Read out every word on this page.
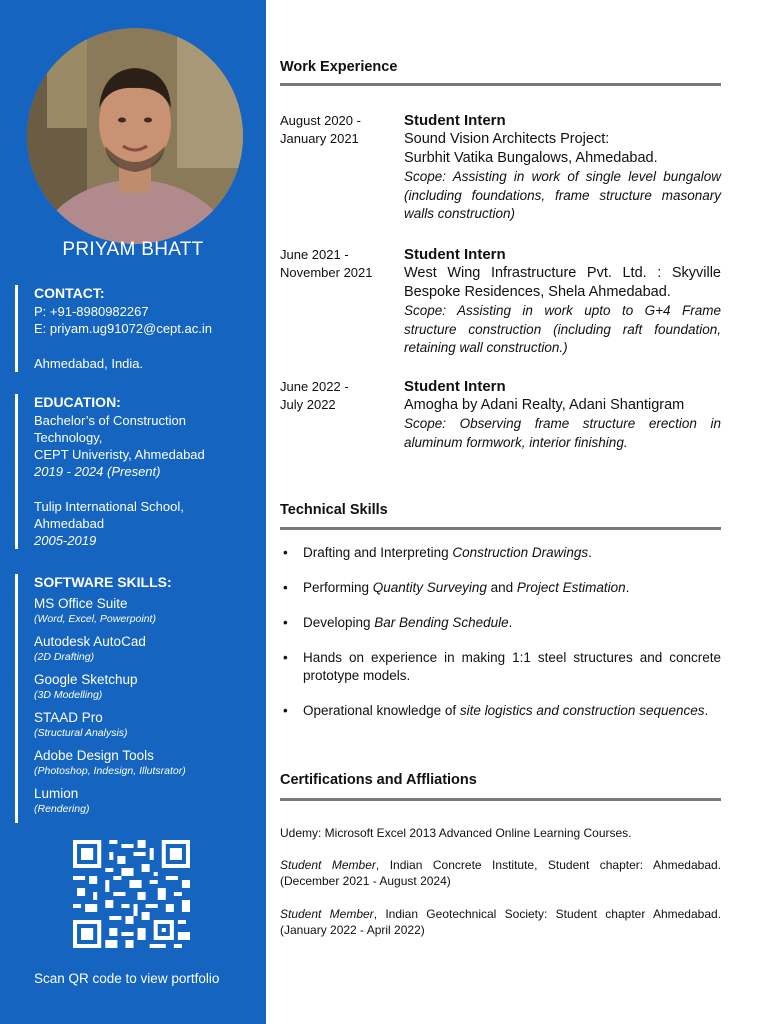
PRIYAM BHATT
CONTACT:
P: +91-8980982267
E: priyam.ug91072@cept.ac.in
Ahmedabad, India.
EDUCATION:
Bachelor’s of Construction
Technology,
CEPT Univeristy, Ahmedabad
2019 - 2024 (Present)
Tulip International School,
Ahmedabad
2005-2019
SOFTWARE SKILLS:
MS Office Suite
(Word, Excel, Powerpoint)
Autodesk AutoCad
(2D Drafting)
Google Sketchup
(3D Modelling)
STAAD Pro
(Structural Analysis)
Adobe Design Tools
(Photoshop, Indesign, Illutsrator)
Lumion
(Rendering)
Scan QR code to view portfolio
Work Experience
August 2020 -
January 2021
Student Intern
Sound Vision Architects Project:
Surbhit Vatika Bungalows, Ahmedabad.
Scope: Assisting in work of single level bungalow (including foundations, frame structure masonary walls construction)
June 2021 -
November 2021
Student Intern
West Wing Infrastructure Pvt. Ltd. : Skyville Bespoke Residences, Shela Ahmedabad.
Scope: Assisting in work upto to G+4 Frame structure construction (including raft foundation, retaining wall construction.)
June 2022 -
July 2022
Student Intern
Amogha by Adani Realty, Adani Shantigram
Scope: Observing frame structure erection in aluminum formwork, interior finishing.
Technical Skills
• Drafting and Interpreting Construction Drawings.
• Performing Quantity Surveying and Project Estimation.
• Developing Bar Bending Schedule.
• Hands on experience in making 1:1 steel structures and concrete prototype models.
• Operational knowledge of site logistics and construction sequences.
Certifications and Affliations
Udemy: Microsoft Excel 2013 Advanced Online Learning Courses.
Student Member, Indian Concrete Institute, Student chapter: Ahmedabad. (December 2021 - August 2024)
Student Member, Indian Geotechnical Society: Student chapter Ahmedabad. (January 2022 - April 2022)
